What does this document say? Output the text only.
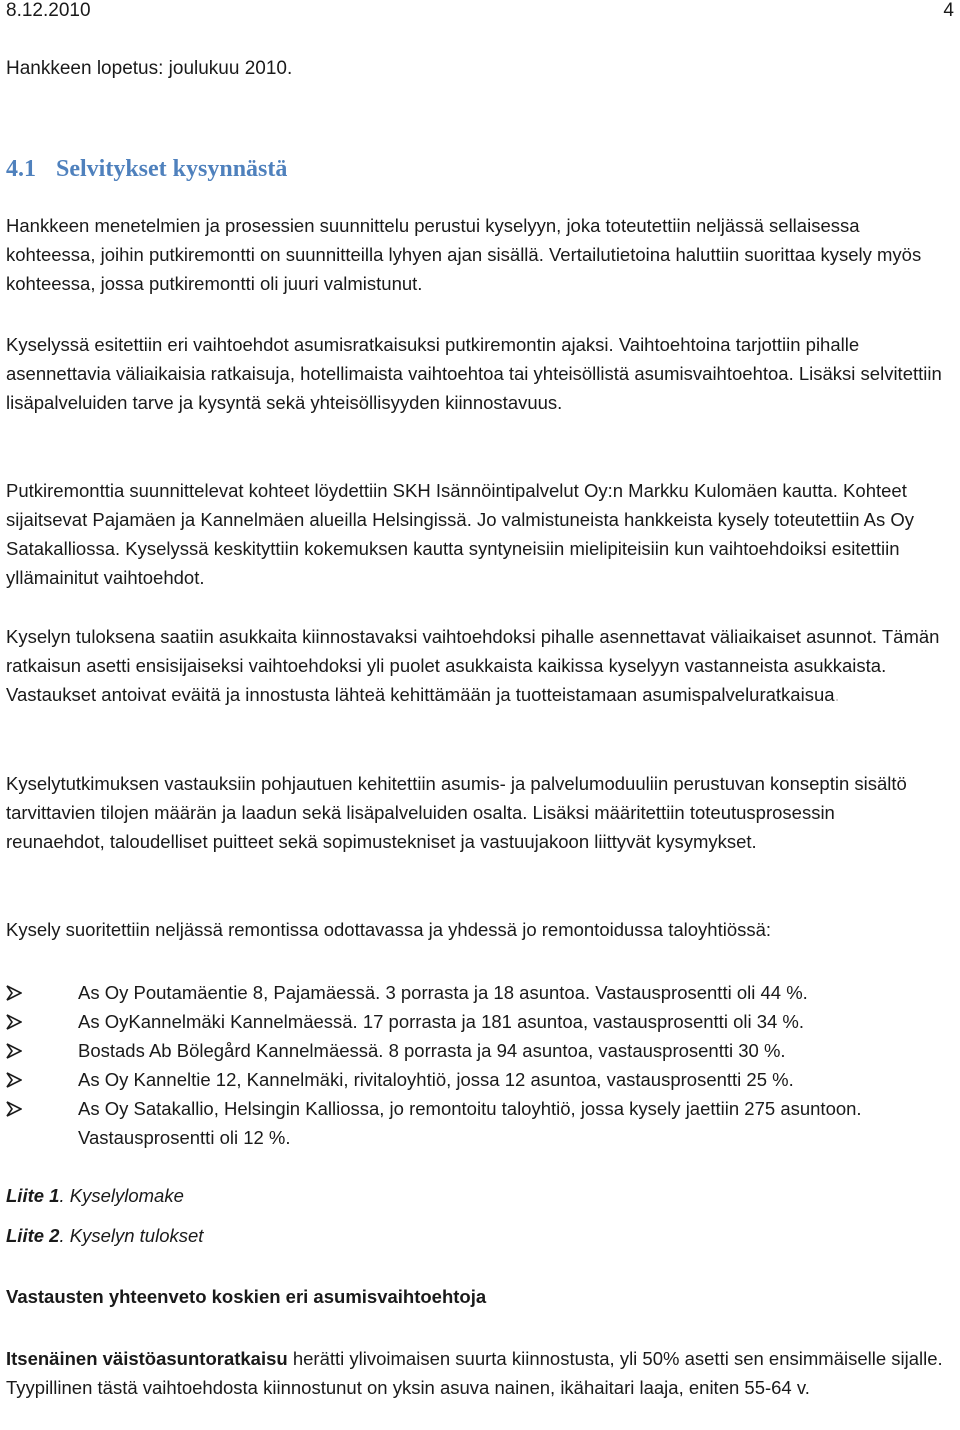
8.12.2010	4
Hankkeen lopetus: joulukuu 2010.
4.1 Selvitykset kysynnästä

Hankkeen menetelmien ja prosessien suunnittelu perustui kyselyyn, joka toteutettiin neljässä sellaisessa kohteessa, joihin putkiremontti on suunnitteilla lyhyen ajan sisällä. Vertailutietoina haluttiin suorittaa kysely myös kohteessa, jossa putkiremontti oli juuri valmistunut.

Kyselyssä esitettiin eri vaihtoehdot asumisratkaisuksi putkiremontin ajaksi. Vaihtoehtoina tarjottiin pihalle asennettavia väliaikaisia ratkaisuja, hotellimaista vaihtoehtoa tai yhteisöllistä asumisvaihtoehtoa. Lisäksi selvitettiin lisäpalveluiden tarve ja kysyntä sekä yhteisöllisyyden kiinnostavuus.

Putkiremonttia suunnittelevat kohteet löydettiin SKH Isännöintipalvelut Oy:n Markku Kulomäen kautta. Kohteet sijaitsevat Pajamäen ja Kannelmäen alueilla Helsingissä. Jo valmistuneista hankkeista kysely toteutettiin As Oy Satakalliossa. Kyselyssä keskityttiin kokemuksen kautta syntyneisiin mielipiteisiin kun vaihtoehdoiksi esitettiin yllämainitut vaihtoehdot.

Kyselyn tuloksena saatiin asukkaita kiinnostavaksi vaihtoehdoksi pihalle asennettavat väliaikaiset asunnot. Tämän ratkaisun asetti ensisijaiseksi vaihtoehdoksi yli puolet asukkaista kaikissa kyselyyn vastanneista asukkaista. Vastaukset antoivat eväitä ja innostusta lähteä kehittämään ja tuotteistamaan asumispalveluratkaisua.

Kyselytutkimuksen vastauksiin pohjautuen kehitettiin asumis- ja palvelumoduuliin perustuvan konseptin sisältö tarvittavien tilojen määrän ja laadun sekä lisäpalveluiden osalta. Lisäksi määritettiin toteutusprosessin reunaehdot, taloudelliset puitteet sekä sopimustekniset ja vastuujakoon liittyvät kysymykset.

Kysely suoritettiin neljässä remontissa odottavassa ja yhdessä jo remontoidussa taloyhtiössä:

As Oy Poutamäentie 8, Pajamäessä. 3 porrasta ja 18 asuntoa. Vastausprosentti oli 44 %.
As OyKannelmäki Kannelmäessä. 17 porrasta ja 181 asuntoa, vastausprosentti oli 34 %.
Bostads Ab Bölegård Kannelmäessä. 8 porrasta ja 94 asuntoa, vastausprosentti 30 %.
As Oy Kanneltie 12, Kannelmäki, rivitaloyhtiö, jossa 12 asuntoa, vastausprosentti 25 %.
As Oy Satakallio, Helsingin Kalliossa, jo remontoitu taloyhtiö, jossa kysely jaettiin 275 asuntoon. Vastausprosentti oli 12 %.
Liite 1. Kyselylomake
Liite 2. Kyselyn tulokset
Vastausten yhteenveto koskien eri asumisvaihtoehtoja

Itsenäinen väistöasuntoratkaisu herätti ylivoimaisen suurta kiinnostusta, yli 50% asetti sen ensimmäiselle sijalle. Tyypillinen tästä vaihtoehdosta kiinnostunut on yksin asuva nainen, ikähaitari laaja, eniten 55-64 v.
